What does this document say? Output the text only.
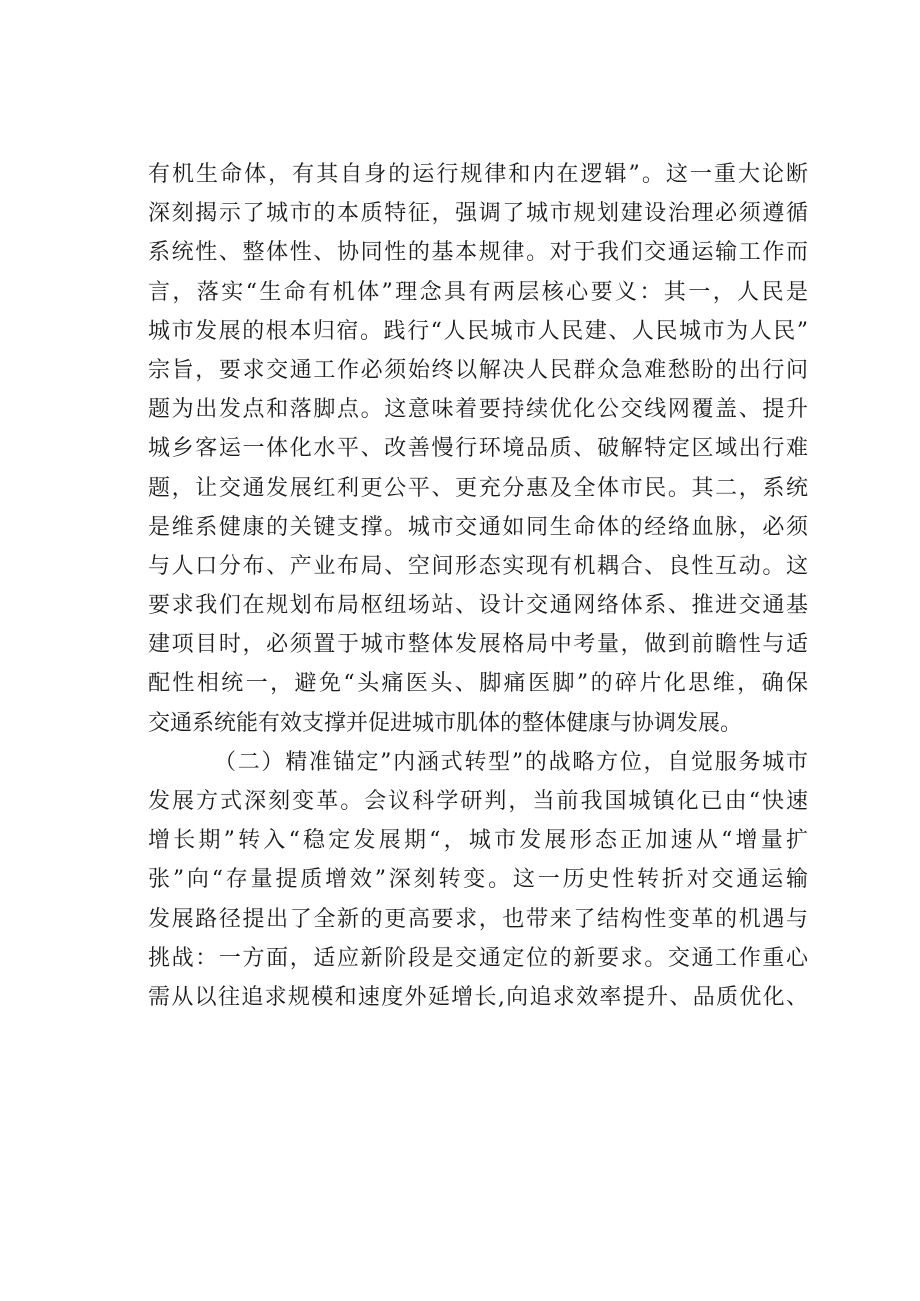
有机生命体，有其自身的运行规律和内在逻辑”。这一重大论断
深刻揭示了城市的本质特征，强调了城市规划建设治理必须遵循
系统性、整体性、协同性的基本规律。对于我们交通运输工作而
言，落实“生命有机体”理念具有两层核心要义：其一，人民是
城市发展的根本归宿。践行“人民城市人民建、人民城市为人民”
宗旨，要求交通工作必须始终以解决人民群众急难愁盼的出行问
题为出发点和落脚点。这意味着要持续优化公交线网覆盖、提升
城乡客运一体化水平、改善慢行环境品质、破解特定区域出行难
题，让交通发展红利更公平、更充分惠及全体市民。其二，系统
是维系健康的关键支撑。城市交通如同生命体的经络血脉，必须
与人口分布、产业布局、空间形态实现有机耦合、良性互动。这
要求我们在规划布局枢纽场站、设计交通网络体系、推进交通基
建项目时，必须置于城市整体发展格局中考量，做到前瞻性与适
配性相统一，避免“头痛医头、脚痛医脚”的碎片化思维，确保
交通系统能有效支撑并促进城市肌体的整体健康与协调发展。
（二）精准锚定”内涵式转型”的战略方位，自觉服务城市
发展方式深刻变革。会议科学研判，当前我国城镇化已由“快速
增长期”转入“稳定发展期“，城市发展形态正加速从“增量扩
张”向“存量提质增效”深刻转变。这一历史性转折对交通运输
发展路径提出了全新的更高要求，也带来了结构性变革的机遇与
挑战：一方面，适应新阶段是交通定位的新要求。交通工作重心
需从以往追求规模和速度外延增长,向追求效率提升、品质优化、
